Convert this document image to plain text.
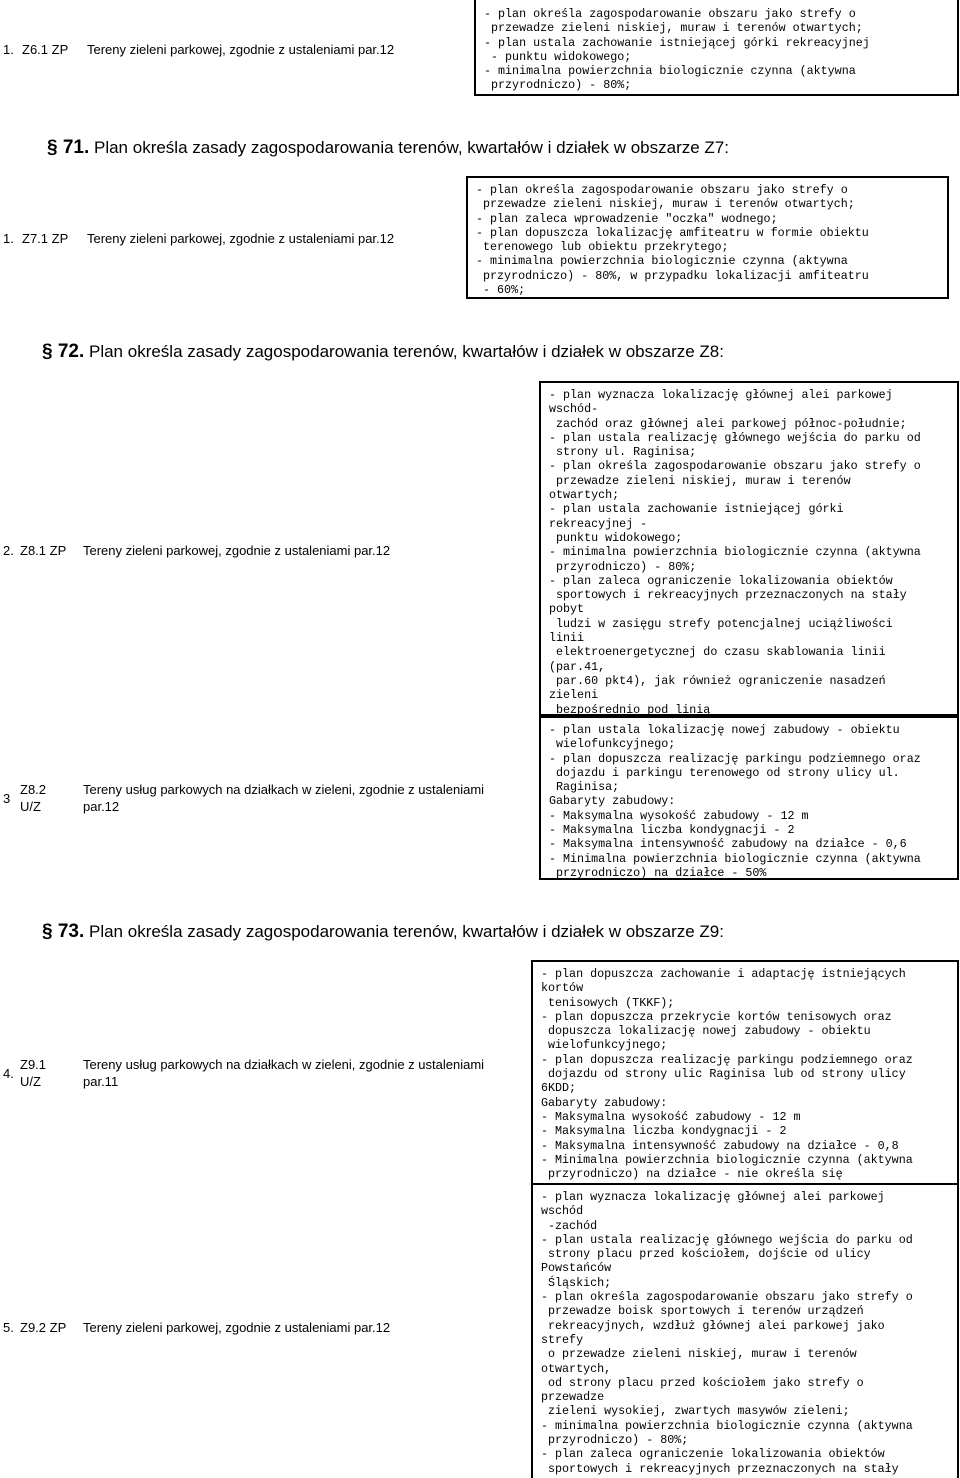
1. Z6.1 ZP Tereny zieleni parkowej, zgodnie z ustaleniami par.12
- plan określa zagospodarowanie obszaru jako strefy o
przewadze zieleni niskiej, muraw i terenów otwartych;
- plan ustala zachowanie istniejącej górki rekreacyjnej
- punktu widokowego;
- minimalna powierzchnia biologicznie czynna (aktywna
przyrodniczo) - 80%;
§ 71. Plan określa zasady zagospodarowania terenów, kwartałów i działek w obszarze Z7:
1. Z7.1 ZP Tereny zieleni parkowej, zgodnie z ustaleniami par.12
- plan określa zagospodarowanie obszaru jako strefy o
przewadze zieleni niskiej, muraw i terenów otwartych;
- plan zaleca wprowadzenie "oczka" wodnego;
- plan dopuszcza lokalizację amfiteatru w formie obiektu
terenowego lub obiektu przekrytego;
- minimalna powierzchnia biologicznie czynna (aktywna
przyrodniczo) - 80%, w przypadku lokalizacji amfiteatru
- 60%;
§ 72. Plan określa zasady zagospodarowania terenów, kwartałów i działek w obszarze Z8:
2. Z8.1 ZP Tereny zieleni parkowej, zgodnie z ustaleniami par.12
- plan wyznacza lokalizację głównej alei parkowej
wschód-
zachód oraz głównej alei parkowej północ-południe;
- plan ustala realizację głównego wejścia do parku od
strony ul. Raginisa;
- plan określa zagospodarowanie obszaru jako strefy o
przewadze zieleni niskiej, muraw i terenów
otwartych;
- plan ustala zachowanie istniejącej górki
rekreacyjnej -
punktu widokowego;
- minimalna powierzchnia biologicznie czynna (aktywna
przyrodniczo) - 80%;
- plan zaleca ograniczenie lokalizowania obiektów
sportowych i rekreacyjnych przeznaczonych na stały
pobyt
ludzi w zasięgu strefy potencjalnej uciążliwości
linii
elektroenergetycznej do czasu skablowania linii
(par.41,
par.60 pkt4), jak również ograniczenie nasadzeń
zieleni
bezpośrednio pod linią
3
Z8.2
U/Z
Tereny usług parkowych na działkach w zieleni, zgodnie z ustaleniami
par.12
- plan ustala lokalizację nowej zabudowy - obiektu
wielofunkcyjnego;
- plan dopuszcza realizację parkingu podziemnego oraz
dojazdu i parkingu terenowego od strony ulicy ul.
Raginisa;
Gabaryty zabudowy:
- Maksymalna wysokość zabudowy - 12 m
- Maksymalna liczba kondygnacji - 2
- Maksymalna intensywność zabudowy na działce - 0,6
- Minimalna powierzchnia biologicznie czynna (aktywna
przyrodniczo) na działce - 50%
§ 73. Plan określa zasady zagospodarowania terenów, kwartałów i działek w obszarze Z9:
4.
Z9.1
U/Z
Tereny usług parkowych na działkach w zieleni, zgodnie z ustaleniami
par.11
- plan dopuszcza zachowanie i adaptację istniejących
kortów
tenisowych (TKKF);
- plan dopuszcza przekrycie kortów tenisowych oraz
dopuszcza lokalizację nowej zabudowy - obiektu
wielofunkcyjnego;
- plan dopuszcza realizację parkingu podziemnego oraz
dojazdu od strony ulic Raginisa lub od strony ulicy
6KDD;
Gabaryty zabudowy:
- Maksymalna wysokość zabudowy - 12 m
- Maksymalna liczba kondygnacji - 2
- Maksymalna intensywność zabudowy na działce - 0,8
- Minimalna powierzchnia biologicznie czynna (aktywna
przyrodniczo) na działce - nie określa się
5. Z9.2 ZP Tereny zieleni parkowej, zgodnie z ustaleniami par.12
- plan wyznacza lokalizację głównej alei parkowej
wschód
-zachód
- plan ustala realizację głównego wejścia do parku od
strony placu przed kościołem, dojście od ulicy
Powstańców
Śląskich;
- plan określa zagospodarowanie obszaru jako strefy o
przewadze boisk sportowych i terenów urządzeń
rekreacyjnych, wzdłuż głównej alei parkowej jako
strefy
o przewadze zieleni niskiej, muraw i terenów
otwartych,
od strony placu przed kościołem jako strefy o
przewadze
zieleni wysokiej, zwartych masywów zieleni;
- minimalna powierzchnia biologicznie czynna (aktywna
przyrodniczo) - 80%;
- plan zaleca ograniczenie lokalizowania obiektów
sportowych i rekreacyjnych przeznaczonych na stały
